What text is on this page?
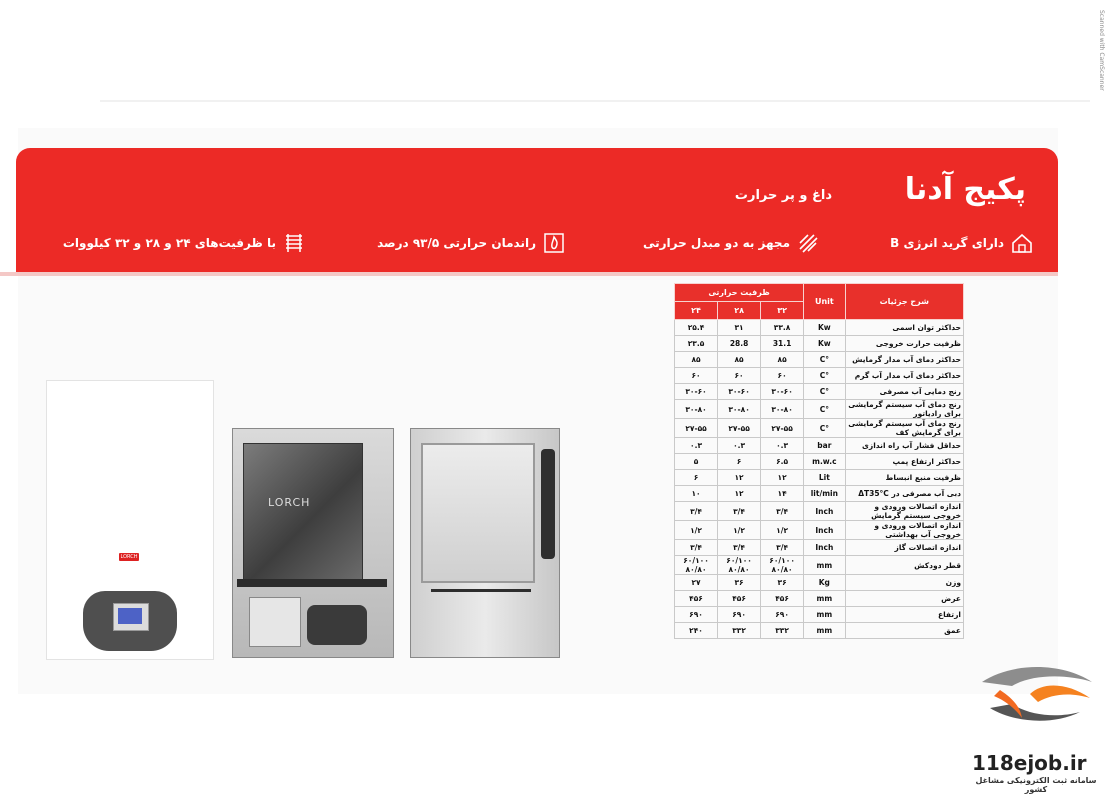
Scanned with CamScanner
پکیج آدنا
داغ و پر حرارت
دارای گرید انرژی B
مجهز به دو مبدل حرارتی
راندمان حرارتی ۹۳/۵ درصد
با ظرفیت‌های ۲۴ و ۲۸ و ۳۲ کیلووات
LORCH
LORCH
شرح جزئیات	Unit	ظرفیت حرارتی		
		۳۲	۲۸	۲۴
حداکثر توان اسمی	Kw	۳۳.۸	۳۱	۲۵.۴
ظرفیت حرارت خروجی	Kw	31.1	28.8	۲۳.۵
حداکثر دمای آب مدار گرمایش	°C	۸۵	۸۵	۸۵
حداکثر دمای آب مدار آب گرم	°C	۶۰	۶۰	۶۰
رنج دمایی آب مصرفی	°C	۳۰-۶۰	۳۰-۶۰	۳۰-۶۰
رنج دمای آب سیستم گرمایشی برای رادیاتور	°C	۳۰-۸۰	۳۰-۸۰	۳۰-۸۰
رنج دمای آب سیستم گرمایشی برای گرمایش کف	°C	۲۷-۵۵	۲۷-۵۵	۲۷-۵۵
حداقل فشار آب راه اندازی	bar	۰.۳	۰.۳	۰.۳
حداکثر ارتفاع پمپ	m.w.c	۶.۵	۶	۵
ظرفیت منبع انبساط	Lit	۱۲	۱۲	۶
دبی آب مصرفی در ΔT35°C	lit/min	۱۴	۱۲	۱۰
اندازه اتصالات ورودی و خروجی سیستم گرمایش	Inch	۳/۴	۳/۴	۳/۴
اندازه اتصالات ورودی و خروجی آب بهداشتی	Inch	۱/۲	۱/۲	۱/۲
اندازه اتصالات گاز	Inch	۳/۴	۳/۴	۳/۴
قطر دودکش	mm	۶۰/۱۰۰ ۸۰/۸۰	۶۰/۱۰۰ ۸۰/۸۰	۶۰/۱۰۰ ۸۰/۸۰
وزن	Kg	۳۶	۳۶	۲۷
عرض	mm	۴۵۶	۴۵۶	۴۵۶
ارتفاع	mm	۶۹۰	۶۹۰	۶۹۰
عمق	mm	۳۳۲	۳۳۲	۲۴۰
118ejob.ir
سامانه ثبت الکترونیکی مشاغل کشور
